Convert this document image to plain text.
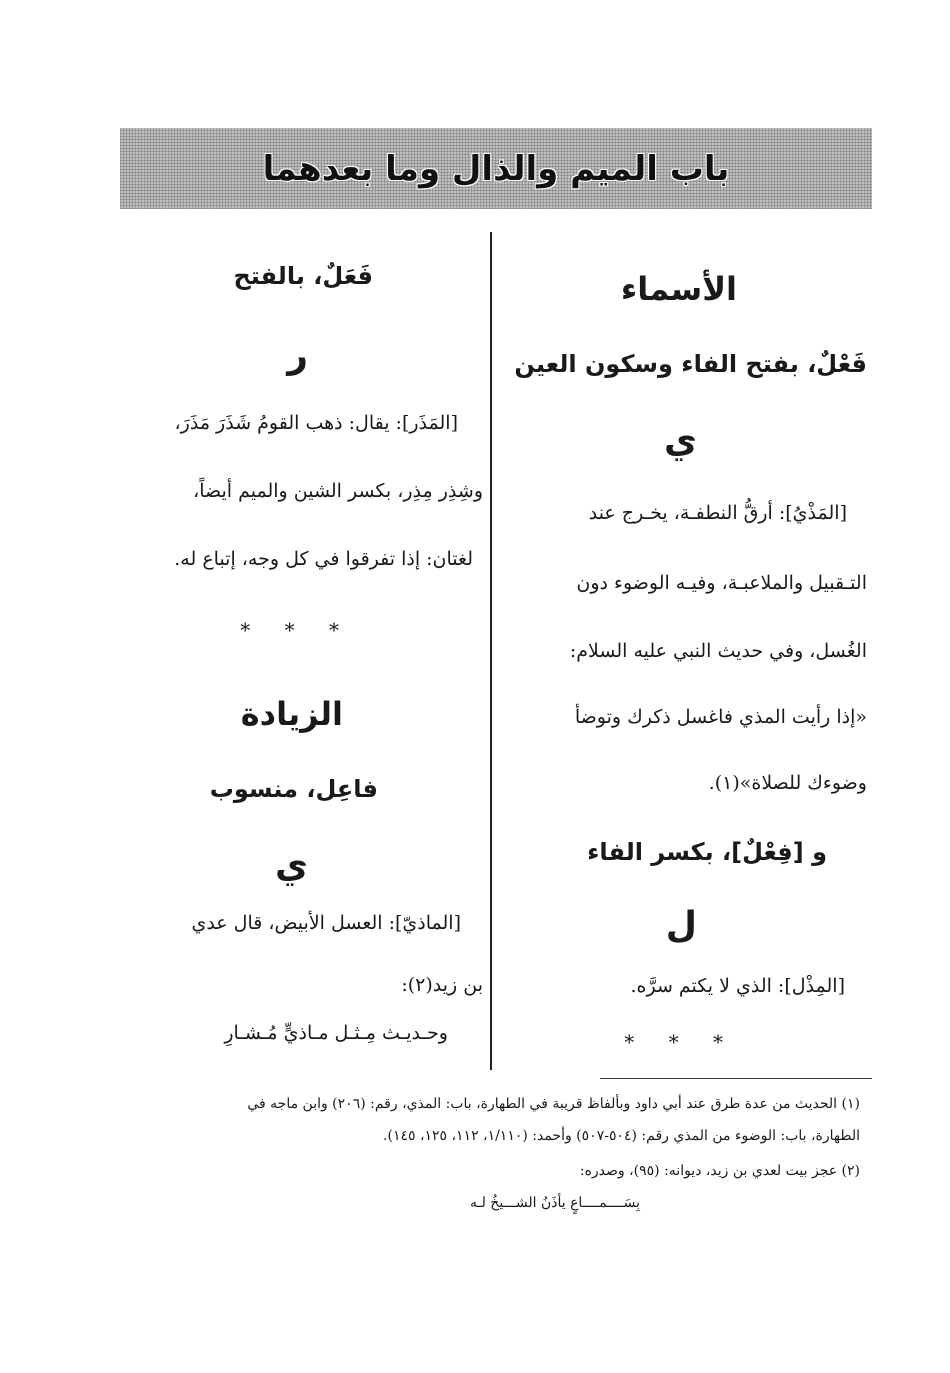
باب الميم والذال وما بعدهما
الأسماء
فَعْلٌ، بفتح الفاء وسكون العين
ي
[المَذْيُ]: أرقُّ النطفـة، يخـرج عند
التـقبيل والملاعبـة، وفيـه الوضوء دون
الغُسل، وفي حديث النبي عليه السلام:
«إذا رأيت المذي فاغسل ذكرك وتوضأ
وضوءك للصلاة»(١).
و [فِعْلٌ]، بكسر الفاء
ل
[المِذْل]: الذي لا يكتم سرَّه.
* * *
فَعَلٌ، بالفتح
ر
[المَذَر]: يقال: ذهب القومُ شَذَرَ مَذَرَ،
وشِذِر مِذِر، بكسر الشين والميم أيضاً،
لغتان: إذا تفرقوا في كل وجه، إتباع له.
* * *
الزيادة
فاعِل، منسوب
ي
[الماذيّ]: العسل الأبيض، قال عدي
بن زيد(٢):
وحـديـث مِـثـل مـاذيٍّ مُـشـارِ
(١) الحديث من عدة طرق عند أبي داود وبألفاظ قريبة في الطهارة، باب: المذي، رقم: (٢٠٦) وابن ماجه في
الطهارة، باب: الوضوء من المذي رقم: (٥٠٤-٥٠٧) وأحمد: (١/١١٠، ١١٢، ١٢٥، ١٤٥).
(٢) عجز بيت لعدي بن زيد، ديوانه: (٩٥)، وصدره:
بِسَــــمــــاعٍ يأذَنُ الشـــيخُ لـه
